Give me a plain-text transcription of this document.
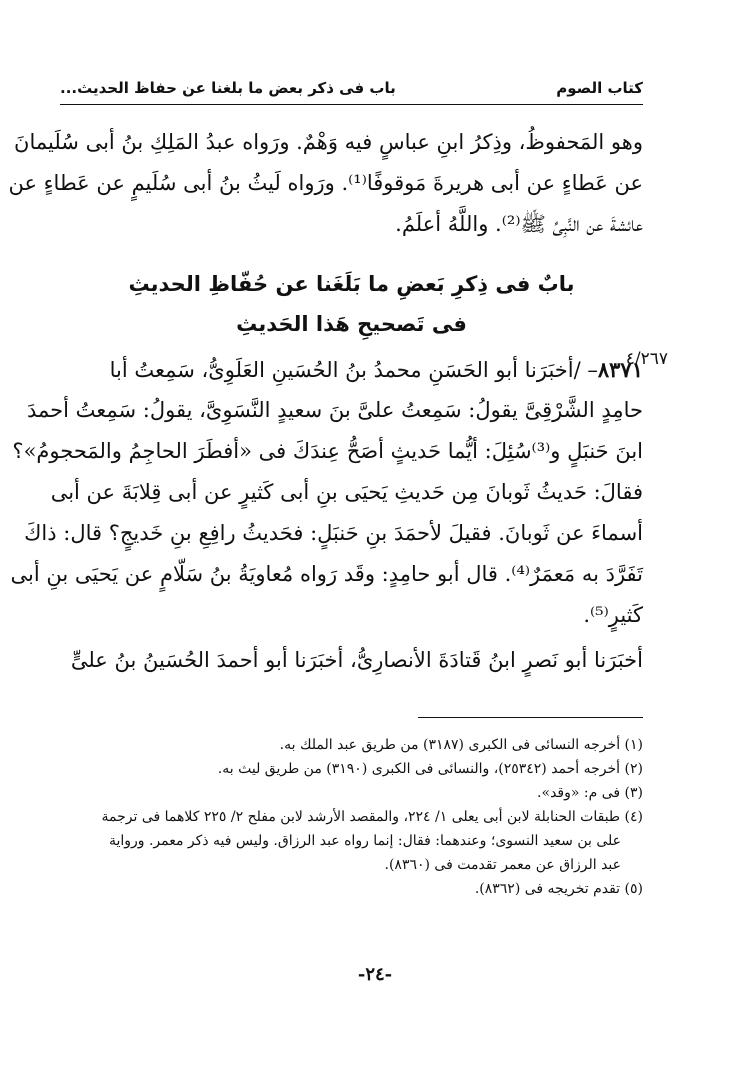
كتاب الصوم
باب فى ذكر بعض ما بلغنا عن حفاظ الحديث...
وهو المَحفوظُ، وذِكرُ ابنِ عباسٍ فيه وَهْمٌ. ورَواه عبدُ المَلِكِ بنُ أبى سُلَيمانَ
عن عَطاءٍ عن أبى هريرةَ مَوقوفًا⁽¹⁾. ورَواه لَيثُ بنُ أبى سُلَيمٍ عن عَطاءٍ عن
عائشةَ عن النَّبِىِّ ﷺ⁽²⁾. واللَّهُ أعلَمُ.
بابٌ فى ذِكرِ بَعضِ ما بَلَغَنا عن حُفّاظِ الحديثِ
فى تَصحيحِ هَذا الحَديثِ
٤/٢٦٧
٨٣٧١– /أخبَرَنا أبو الحَسَنِ محمدُ بنُ الحُسَينِ العَلَوِىُّ، سَمِعتُ أبا
حامِدٍ الشَّرْقِىَّ يقولُ: سَمِعتُ علىَّ بنَ سعيدٍ النَّسَوِىَّ، يقولُ: سَمِعتُ أحمدَ
ابنَ حَنبَلٍ و⁽³⁾سُئِلَ: أيُّما حَديثٍ أصَحُّ عِندَكَ فى «أفطَرَ الحاجِمُ والمَحجومُ»؟
فقالَ: حَديثُ ثَوبانَ مِن حَديثِ يَحيَى بنِ أبى كَثيرٍ عن أبى قِلابَةَ عن أبى
أسماءَ عن ثَوبانَ. فقيلَ لأحمَدَ بنِ حَنبَلٍ: فحَديثُ رافِعِ بنِ خَديجٍ؟ قال: ذاكَ
تَفَرَّدَ به مَعمَرٌ⁽⁴⁾. قال أبو حامِدٍ: وقَد رَواه مُعاويَةُ بنُ سَلّامٍ عن يَحيَى بنِ أبى
كَثيرٍ⁽⁵⁾.
أخبَرَنا أبو نَصرٍ ابنُ قَتادَةَ الأنصارِىُّ، أخبَرَنا أبو أحمدَ الحُسَينُ بنُ علىٍّ
(١) أخرجه النسائى فى الكبرى (٣١٨٧) من طريق عبد الملك به.
(٢) أخرجه أحمد (٢٥٣٤٢)، والنسائى فى الكبرى (٣١٩٠) من طريق ليث به.
(٣) فى م: «وقد».
(٤) طبقات الحنابلة لابن أبى يعلى ١/ ٢٢٤، والمقصد الأرشد لابن مفلح ٢/ ٢٢٥ كلاهما فى ترجمة
على بن سعيد النسوى؛ وعندهما: فقال: إنما رواه عبد الرزاق. وليس فيه ذكر معمر. ورواية
عبد الرزاق عن معمر تقدمت فى (٨٣٦٠).
(٥) تقدم تخريجه فى (٨٣٦٢).
-٢٤-
